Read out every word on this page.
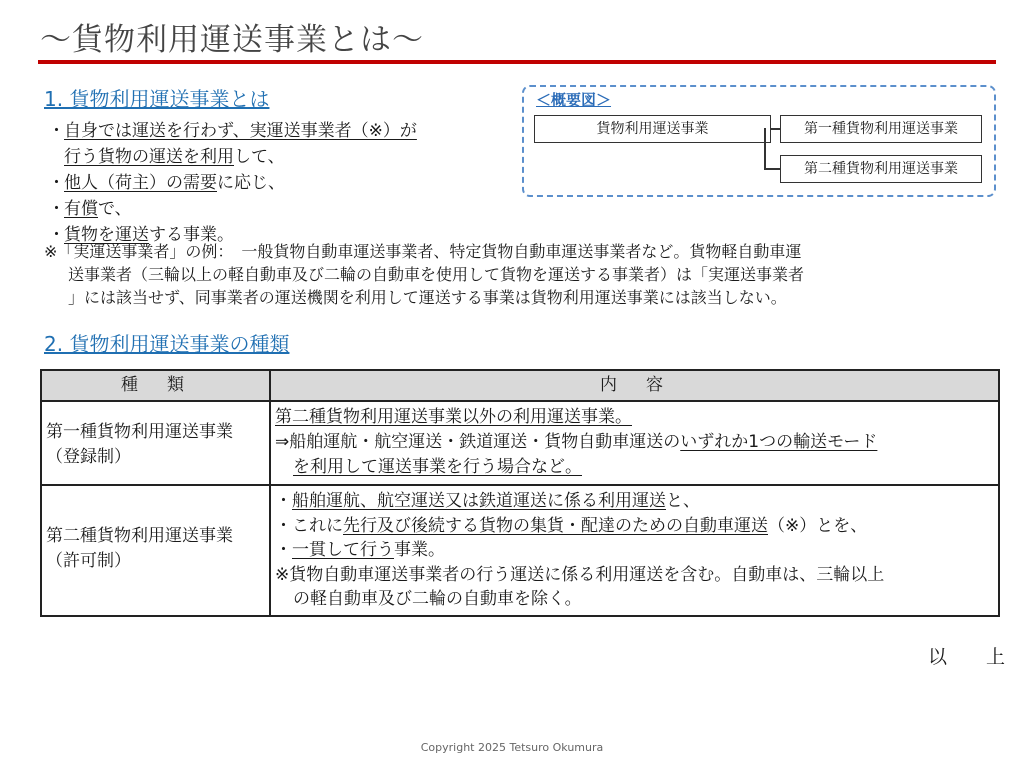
～貨物利用運送事業とは～
1. 貨物利用運送事業とは
・自身では運送を行わず、実運送事業者（※）が
行う貨物の運送を利用して、
・他人（荷主）の需要に応じ、
・有償で、
・貨物を運送する事業。
※「実運送事業者」の例：　一般貨物自動車運送事業者、特定貨物自動車運送事業者など。貨物軽自動車運
送事業者（三輪以上の軽自動車及び二輪の自動車を使用して貨物を運送する事業者）は「実運送事業者
」には該当せず、同事業者の運送機関を利用して運送する事業は貨物利用運送事業には該当しない。
＜概要図＞
貨物利用運送事業	第一種貨物利用運送事業
第二種貨物利用運送事業
2. 貨物利用運送事業の種類
種　類	内　容
第一種貨物利用運送事業
（登録制）
第二種貨物利用運送事業以外の利用運送事業。
⇒船舶運航・航空運送・鉄道運送・貨物自動車運送のいずれか1つの輸送モード
を利用して運送事業を行う場合など。
第二種貨物利用運送事業
（許可制）
・船舶運航、航空運送又は鉄道運送に係る利用運送と、
・これに先行及び後続する貨物の集貨・配達のための自動車運送（※）とを、
・一貫して行う事業。
※貨物自動車運送事業者の行う運送に係る利用運送を含む。自動車は、三輪以上
の軽自動車及び二輪の自動車を除く。
以　上
Copyright 2025 Tetsuro Okumura
